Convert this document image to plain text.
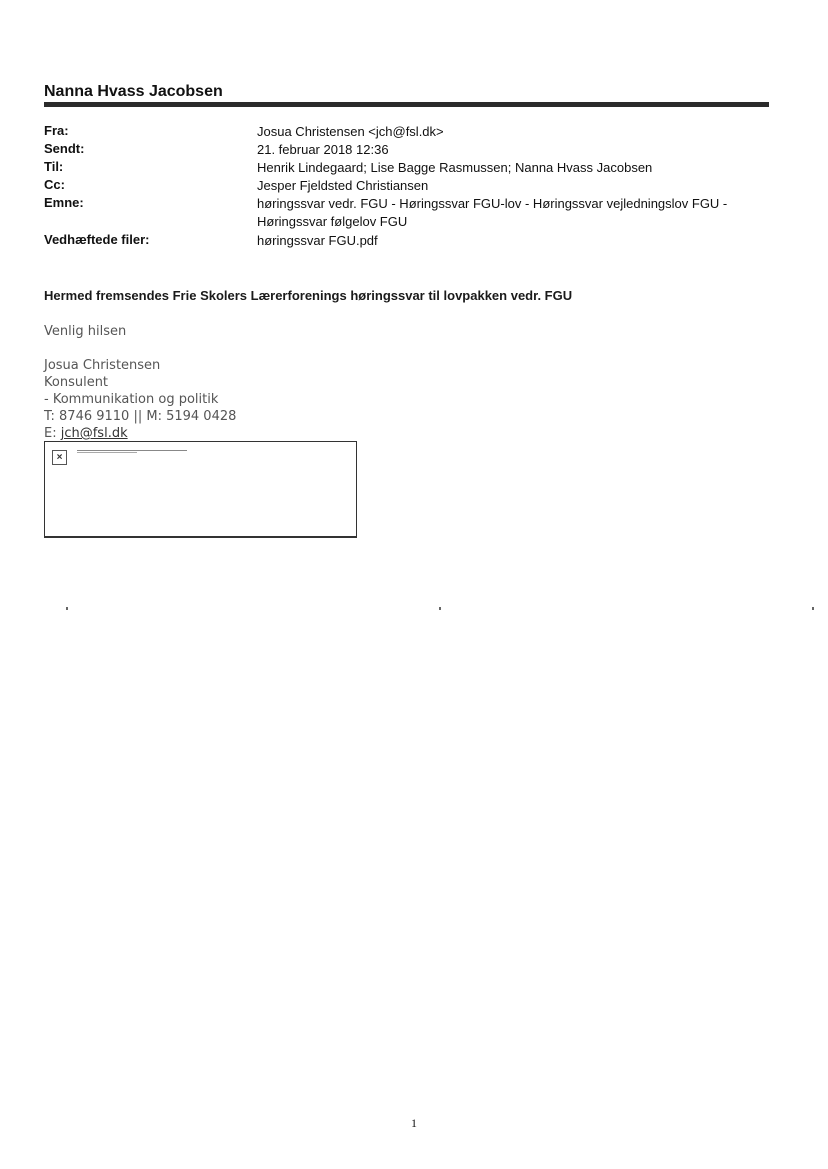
Nanna Hvass Jacobsen
Fra:	Josua Christensen <jch@fsl.dk>
Sendt:	21. februar 2018 12:36
Til:	Henrik Lindegaard; Lise Bagge Rasmussen; Nanna Hvass Jacobsen
Cc:	Jesper Fjeldsted Christiansen
Emne:	høringssvar vedr. FGU - Høringssvar FGU-lov - Høringssvar vejledningslov FGU - Høringssvar følgelov FGU
Vedhæftede filer:	høringssvar FGU.pdf
Hermed fremsendes Frie Skolers Lærerforenings høringssvar til lovpakken vedr. FGU
Venlig hilsen
Josua Christensen
Konsulent
- Kommunikation og politik
T: 8746 9110 || M: 5194 0428
E: jch@fsl.dk
×
1
